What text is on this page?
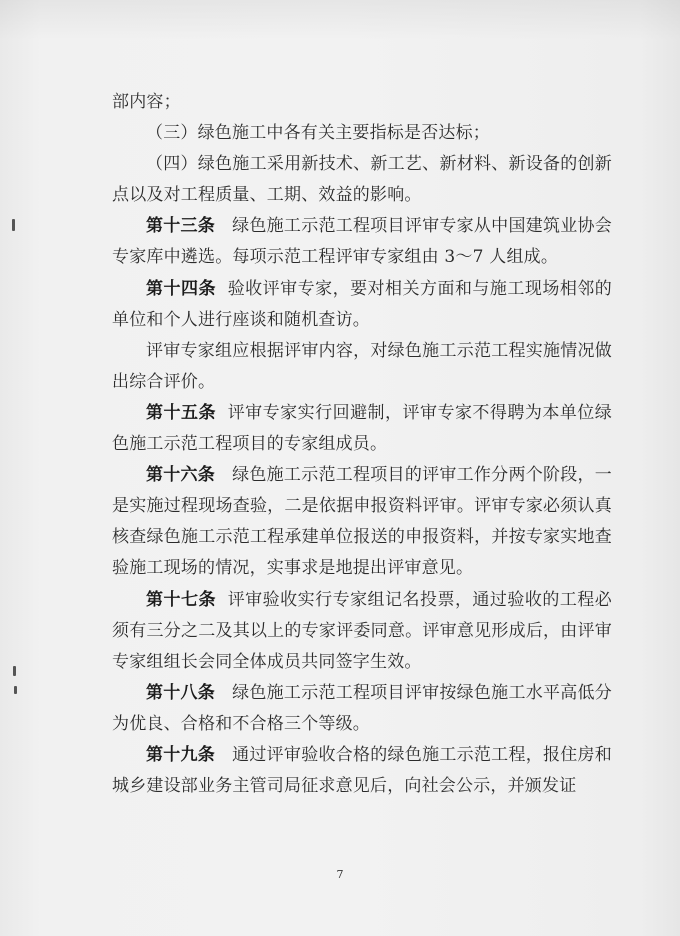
部内容；

（三）绿色施工中各有关主要指标是否达标；

（四）绿色施工采用新技术、新工艺、新材料、新设备的创新点以及对工程质量、工期、效益的影响。

第十三条 绿色施工示范工程项目评审专家从中国建筑业协会专家库中遴选。每项示范工程评审专家组由 3～7 人组成。

第十四条 验收评审专家，要对相关方面和与施工现场相邻的单位和个人进行座谈和随机查访。

评审专家组应根据评审内容，对绿色施工示范工程实施情况做出综合评价。

第十五条 评审专家实行回避制，评审专家不得聘为本单位绿色施工示范工程项目的专家组成员。

第十六条 绿色施工示范工程项目的评审工作分两个阶段，一是实施过程现场查验，二是依据申报资料评审。评审专家必须认真核查绿色施工示范工程承建单位报送的申报资料，并按专家实地查验施工现场的情况，实事求是地提出评审意见。

第十七条 评审验收实行专家组记名投票，通过验收的工程必须有三分之二及其以上的专家评委同意。评审意见形成后，由评审专家组组长会同全体成员共同签字生效。

第十八条 绿色施工示范工程项目评审按绿色施工水平高低分为优良、合格和不合格三个等级。

第十九条 通过评审验收合格的绿色施工示范工程，报住房和城乡建设部业务主管司局征求意见后，向社会公示，并颁发证

7
